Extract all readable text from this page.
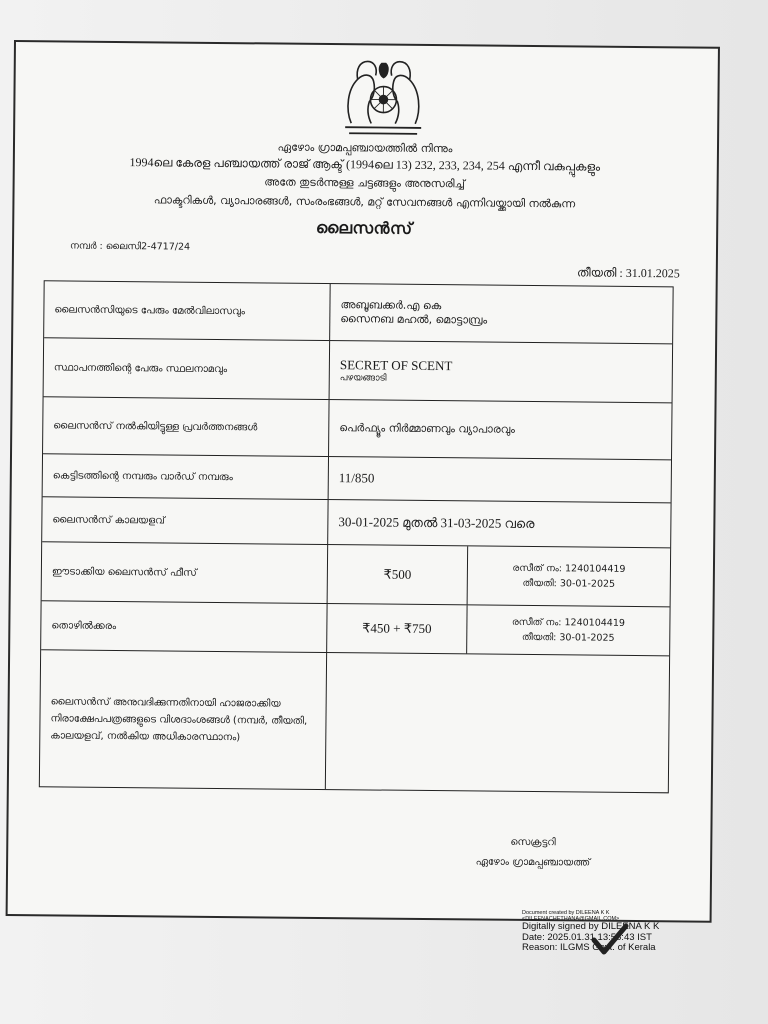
ഏഴോം ഗ്രാമപ്പഞ്ചായത്തിൽ നിന്നും
1994ലെ കേരള പഞ്ചായത്ത് രാജ് ആക്ട് (1994ലെ 13) 232, 233, 234, 254 എന്നീ വകുപ്പുകളും
അതേ തുടർന്നുള്ള ചട്ടങ്ങളും അനുസരിച്ച്
ഫാക്ടറികൾ, വ്യാപാരങ്ങൾ, സംരംഭങ്ങൾ, മറ്റ് സേവനങ്ങൾ എന്നിവയ്ക്കായി നൽകുന്ന
ലൈസൻസ്
നമ്പർ : ലൈസി2-4717/24
തീയതി : 31.01.2025
ലൈസൻസിയുടെ പേരും മേൽവിലാസവും	അബൂബക്കർ.എ കെ
സൈനബ മഹൽ, മൊട്ടാമ്പ്രം
സ്ഥാപനത്തിന്റെ പേരും സ്ഥലനാമവും	SECRET OF SCENT
പഴയങ്ങാടി
ലൈസൻസ് നൽകിയിട്ടുള്ള പ്രവർത്തനങ്ങൾ	പെർഫ്യൂം നിർമ്മാണവും വ്യാപാരവും
കെട്ടിടത്തിന്റെ നമ്പരും വാർഡ് നമ്പരും	11/850
ലൈസൻസ് കാലയളവ്	30-01-2025 മുതൽ 31-03-2025 വരെ
ഈടാക്കിയ ലൈസൻസ് ഫീസ്	₹500	രസീത് നം: 1240104419
തീയതി: 30-01-2025
തൊഴിൽക്കരം	₹450 + ₹750	രസീത് നം: 1240104419
തീയതി: 30-01-2025
ലൈസൻസ് അനുവദിക്കുന്നതിനായി ഹാജരാക്കിയ നിരാക്ഷേപപത്രങ്ങളുടെ വിശദാംശങ്ങൾ (നമ്പർ, തീയതി, കാലയളവ്, നൽകിയ അധികാരസ്ഥാനം)
സെക്രട്ടറി
ഏഴോം ഗ്രാമപ്പഞ്ചായത്ത്
Document created by DILEENA K K
<DILEENACHETHANA@GMAIL.COM>
Digitally signed by DILEENA K K
Date: 2025.01.31 13:56:43 IST
Reason: ILGMS Govt. of Kerala
